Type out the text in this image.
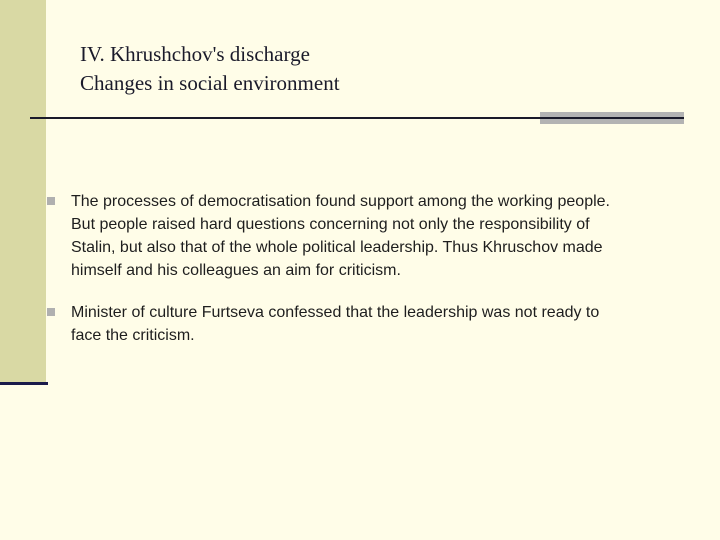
IV. Khrushchov's discharge
Changes in social environment
The processes of democratisation found support among the working people.
But people raised hard questions concerning not only the responsibility of
Stalin, but also that of the whole political leadership. Thus Khruschov made
himself and his colleagues an aim for criticism.
Minister of culture Furtseva confessed that the leadership was not ready to
face the criticism.
